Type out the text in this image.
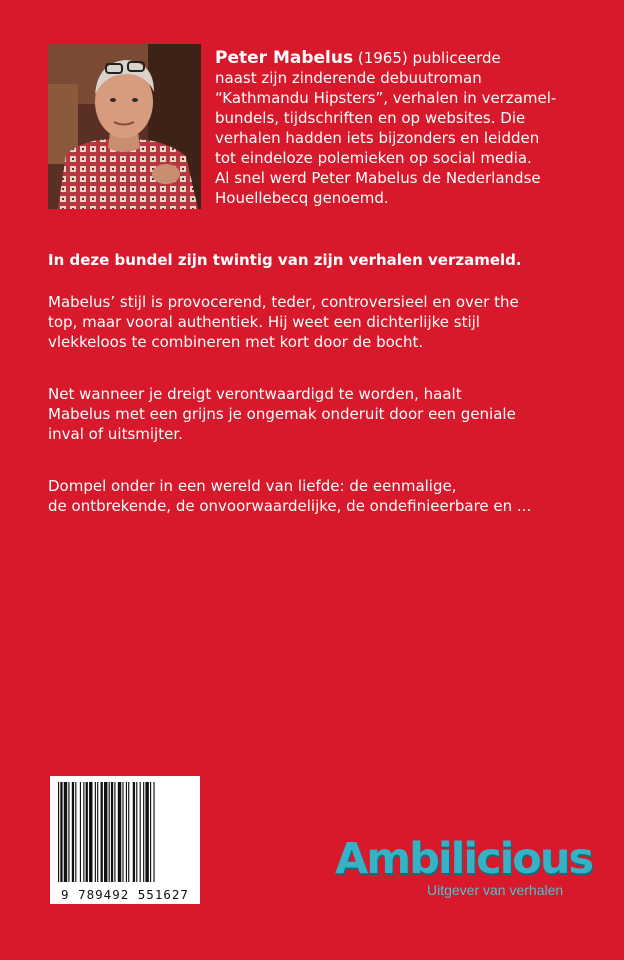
Peter Mabelus (1965) publiceerde
naast zijn zinderende debuutroman
“Kathmandu Hipsters”, verhalen in verzamel-
bundels, tijdschriften en op websites. Die
verhalen hadden iets bijzonders en leidden
tot eindeloze polemieken op social media.
Al snel werd Peter Mabelus de Nederlandse
Houellebecq genoemd.
In deze bundel zijn twintig van zijn verhalen verzameld.
Mabelus’ stijl is provocerend, teder, controversieel en over the
top, maar vooral authentiek. Hij weet een dichterlijke stijl
vlekkeloos te combineren met kort door de bocht.
Net wanneer je dreigt verontwaardigd te worden, haalt
Mabelus met een grijns je ongemak onderuit door een geniale
inval of uitsmijter.
Dompel onder in een wereld van liefde: de eenmalige,
de ontbrekende, de onvoorwaardelijke, de ondefinieerbare en ...
9 789492 551627
Ambilicious
Uitgever van verhalen
